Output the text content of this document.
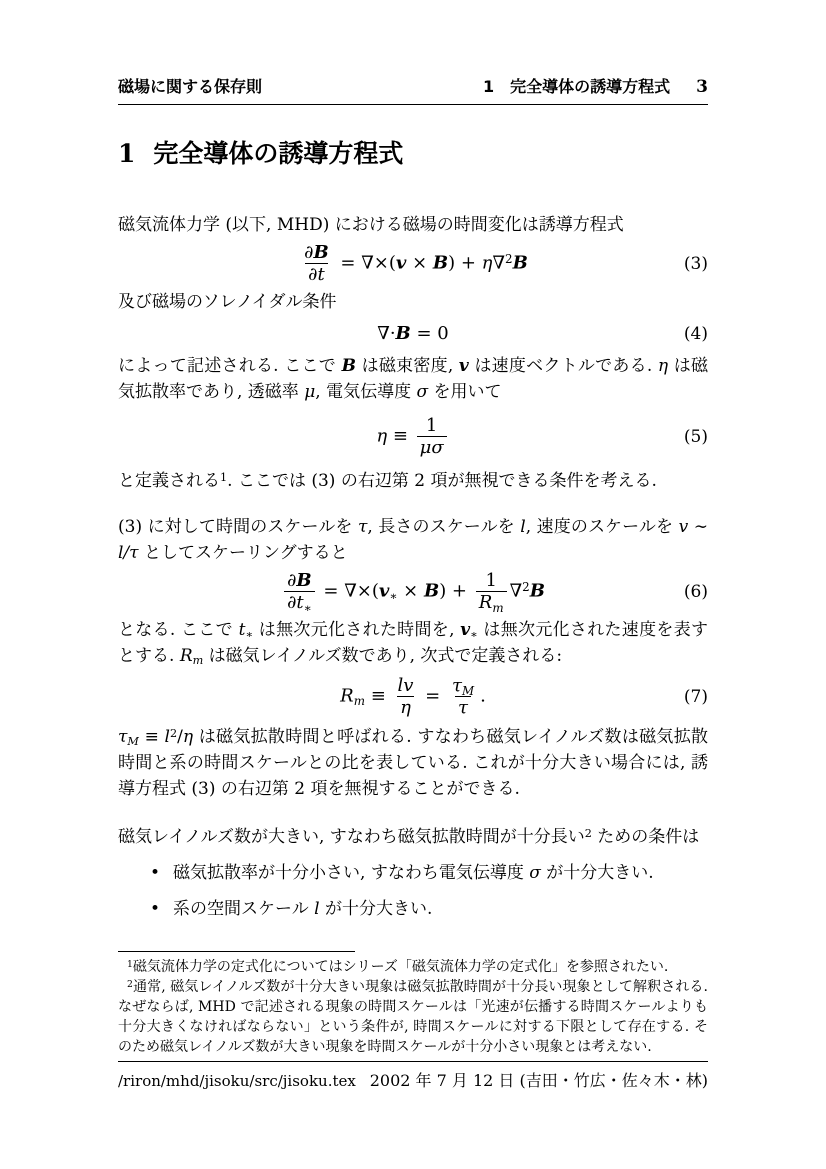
磁場に関する保存則	1　完全導体の誘導方程式 3
1 完全導体の誘導方程式

磁気流体力学 (以下, MHD) における磁場の時間変化は誘導方程式

$\frac{\partial B}{\partial t} = \nabla\times(v \times B) + \eta\nabla^2B$	(3)

及び磁場のソレノイダル条件

∇·B = 0	(4)

によって記述される. ここで B は磁束密度, v は速度ベクトルである. η は磁気拡散率であり, 透磁率 μ, 電気伝導度 σ を用いて

$\eta \equiv \frac{1}{\mu\sigma}$	(5)

と定義される$^1$. ここでは (3) の右辺第 2 項が無視できる条件を考える.

(3) に対して時間のスケールを τ, 長さのスケールを l, 速度のスケールを v ∼ l/τ としてスケーリングすると

$\frac{\partial B}{\partial t∗}$ = ∇×(v∗ × $B) + \frac{1}{Rm} \nabla^2B$	(6)

となる. ここで t∗ は無次元化された時間を, v∗ は無次元化された速度を表すとする. Rm は磁気レイノルズ数であり, 次式で定義される:

$Rm \equiv \frac{lv}{\eta} = \frac{\tau M}{\tau}$ .	(7)

$\tau M \equiv l^2/\eta$ は磁気拡散時間と呼ばれる. すなわち磁気レイノルズ数は磁気拡散時間と系の時間スケールとの比を表している. これが十分大きい場合には, 誘導方程式 (3) の右辺第 2 項を無視することができる.

磁気レイノルズ数が大きい, すなわち磁気拡散時間が十分長い$^2$ ための条件は

• 磁気拡散率が十分小さい, すなわち電気伝導度 σ が十分大きい.
• 系の空間スケール l が十分大きい.

$^1$磁気流体力学の定式化についてはシリーズ「磁気流体力学の定式化」を参照されたい.

$^2$通常, 磁気レイノルズ数が十分大きい現象は磁気拡散時間が十分長い現象として解釈される. なぜならば, MHD で記述される現象の時間スケールは「光速が伝播する時間スケールよりも十分大きくなければならない」という条件が, 時間スケールに対する下限として存在する. そのため磁気レイノルズ数が大きい現象を時間スケールが十分小さい現象とは考えない.

/riron/mhd/jisoku/src/jisoku.tex 2002 年 7 月 12 日 (吉田・竹広・佐々木・林)
